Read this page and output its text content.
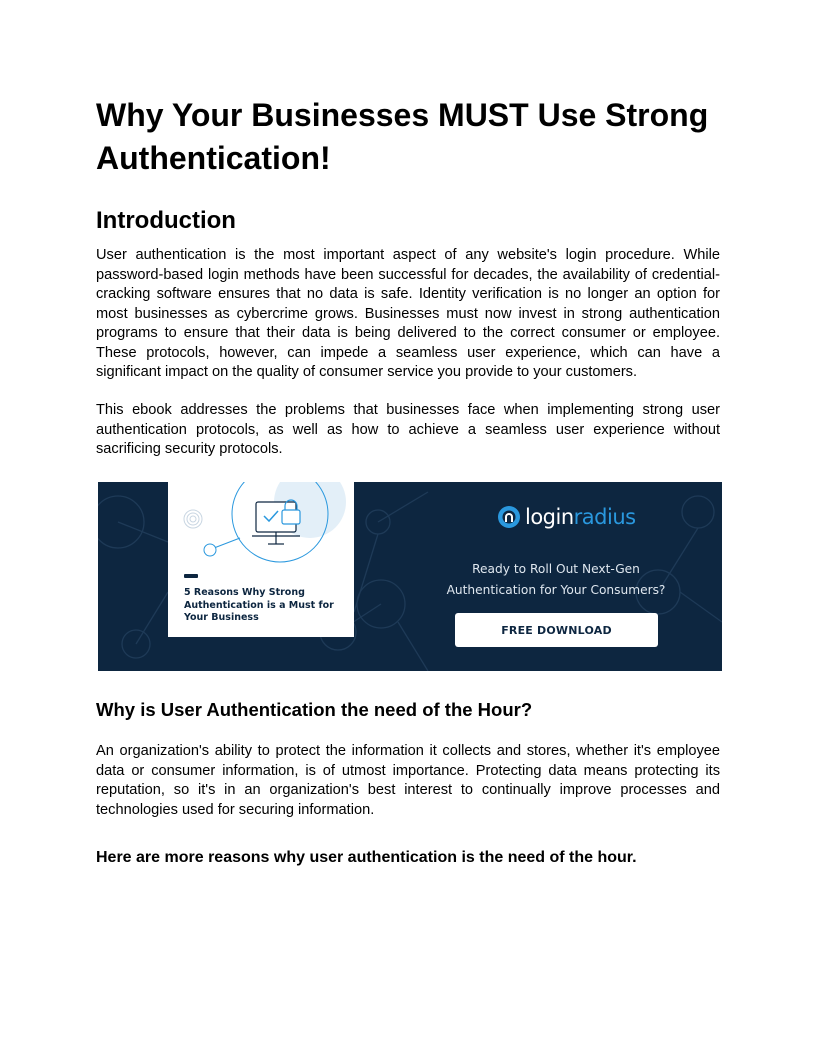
Why Your Businesses MUST Use Strong Authentication!
Introduction

User authentication is the most important aspect of any website's login procedure. While password-based login methods have been successful for decades, the availability of credential-cracking software ensures that no data is safe. Identity verification is no longer an option for most businesses as cybercrime grows. Businesses must now invest in strong authentication programs to ensure that their data is being delivered to the correct consumer or employee. These protocols, however, can impede a seamless user experience, which can have a significant impact on the quality of consumer service you provide to your customers.

This ebook addresses the problems that businesses face when implementing strong user authentication protocols, as well as how to achieve a seamless user experience without sacrificing security protocols.

Why is User Authentication the need of the Hour?

An organization's ability to protect the information it collects and stores, whether it's employee data or consumer information, is of utmost importance. Protecting data means protecting its reputation, so it's in an organization's best interest to continually improve processes and technologies used for securing information.

Here are more reasons why user authentication is the need of the hour.

5 Reasons Why Strong
Authentication is a Must for
Your Business
login radius
Ready to Roll Out Next-Gen
Authentication for Your Consumers?
FREE DOWNLOAD
